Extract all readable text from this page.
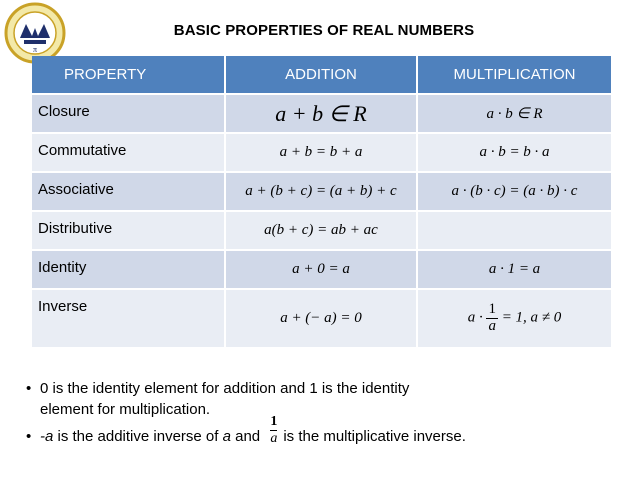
π
BASIC PROPERTIES OF REAL NUMBERS
PROPERTY	ADDITION	MULTIPLICATION
Closure	a + b ∈ R	a · b ∈ R
Commutative	a + b = b + a	a · b = b · a
Associative	a + (b + c) = (a + b) + c	a · (b · c) = (a · b) · c
Distributive	a(b + c) = ab + ac	
Identity	a + 0 = a	a · 1 = a
Inverse	a + (− a) = 0	$a \cdot \frac{1}{a} = 1$, a ≠ 0
• 0 is the identity element for addition and 1 is the identity
element for multiplication.
• -a is the additive inverse of a and $\frac{1}{a}$ is the multiplicative inverse.
